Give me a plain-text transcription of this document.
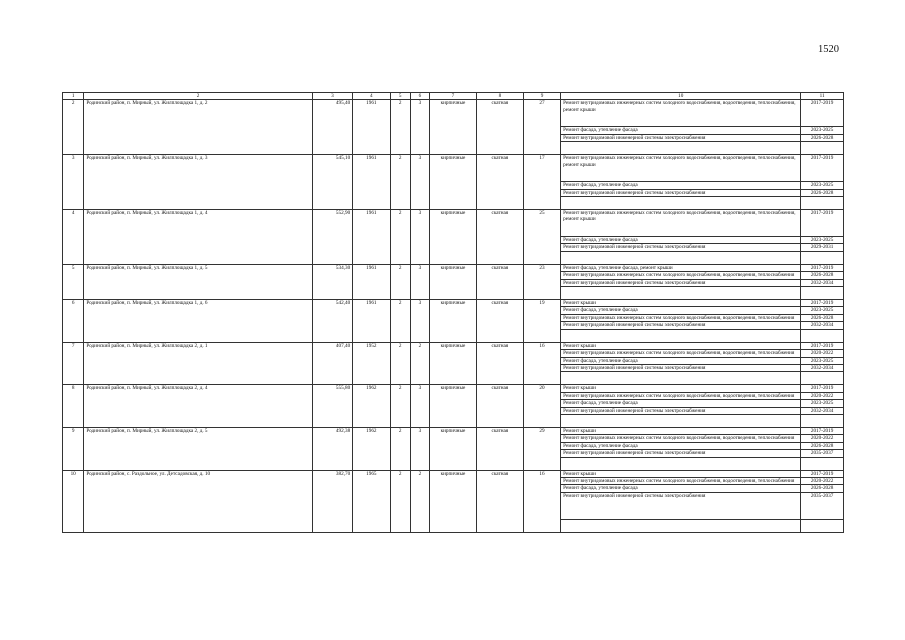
1520
1	2	3	4	5	6	7	8	9	10	11
2	Родинский район, п. Мирный, ул. Жилплощадка 1, д. 2	495,40	1961	2	3	кирпичные	скатная	27	Ремонт внутридомовых инженерных систем холодного водоснабжения, водоотведения, теплоснабжения, ремонт крыши	2017-2019
									Ремонт фасада, утепление фасада	2023-2025
									Ремонт внутридомовой инженерной системы электроснабжения	2026-2028

3	Родинский район, п. Мирный, ул. Жилплощадка 1, д. 3	545,10	1961	2	3	кирпичные	скатная	17	Ремонт внутридомовых инженерных систем холодного водоснабжения, водоотведения, теплоснабжения, ремонт крыши	2017-2019
									Ремонт фасада, утепление фасада	2023-2025
									Ремонт внутридомовой инженерной системы электроснабжения	2026-2028

4	Родинский район, п. Мирный, ул. Жилплощадка 1, д. 4	552,90	1961	2	3	кирпичные	скатная	25	Ремонт внутридомовых инженерных систем холодного водоснабжения, водоотведения, теплоснабжения, ремонт крыши	2017-2019
									Ремонт фасада, утепление фасада	2023-2025
									Ремонт внутридомовой инженерной системы электроснабжения	2029-2031

5	Родинский район, п. Мирный, ул. Жилплощадка 1, д. 5	534,30	1961	2	3	кирпичные	скатная	23	Ремонт фасада, утепление фасада, ремонт крыши	2017-2019
									Ремонт внутридомовых инженерных систем холодного водоснабжения, водоотведения, теплоснабжения	2026-2028
									Ремонт внутридомовой инженерной системы электроснабжения	2032-2034

6	Родинский район, п. Мирный, ул. Жилплощадка 1, д. 6	542,40	1961	2	3	кирпичные	скатная	19	Ремонт крыши	2017-2019
									Ремонт фасада, утепление фасада	2023-2025
									Ремонт внутридомовых инженерных систем холодного водоснабжения, водоотведения, теплоснабжения	2026-2028
									Ремонт внутридомовой инженерной системы электроснабжения	2032-2034

7	Родинский район, п. Мирный, ул. Жилплощадка 2, д. 1	407,40	1952	2	2	кирпичные	скатная	16	Ремонт крыши	2017-2019
									Ремонт внутридомовых инженерных систем холодного водоснабжения, водоотведения, теплоснабжения	2020-2022
									Ремонт фасада, утепление фасада	2023-2025
									Ремонт внутридомовой инженерной системы электроснабжения	2032-2034

8	Родинский район, п. Мирный, ул. Жилплощадка 2, д. 4	555,80	1962	2	3	кирпичные	скатная	20	Ремонт крыши	2017-2019
									Ремонт внутридомовых инженерных систем холодного водоснабжения, водоотведения, теплоснабжения	2020-2022
									Ремонт фасада, утепление фасада	2023-2025
									Ремонт внутридомовой инженерной системы электроснабжения	2032-2034

9	Родинский район, п. Мирный, ул. Жилплощадка 2, д. 5	492,38	1962	2	3	кирпичные	скатная	29	Ремонт крыши	2017-2019
									Ремонт внутридомовых инженерных систем холодного водоснабжения, водоотведения, теплоснабжения	2020-2022
									Ремонт фасада, утепление фасада	2026-2028
									Ремонт внутридомовой инженерной системы электроснабжения	2035-2037

10	Родинский район, с. Раздольное, ул. Детсадовская, д. 10	382,70	1965	2	2	кирпичные	скатная	16	Ремонт крыши	2017-2019
									Ремонт внутридомовых инженерных систем холодного водоснабжения, водоотведения, теплоснабжения	2020-2022
									Ремонт фасада, утепление фасада	2026-2028
									Ремонт внутридомовой инженерной системы электроснабжения	2035-2037
